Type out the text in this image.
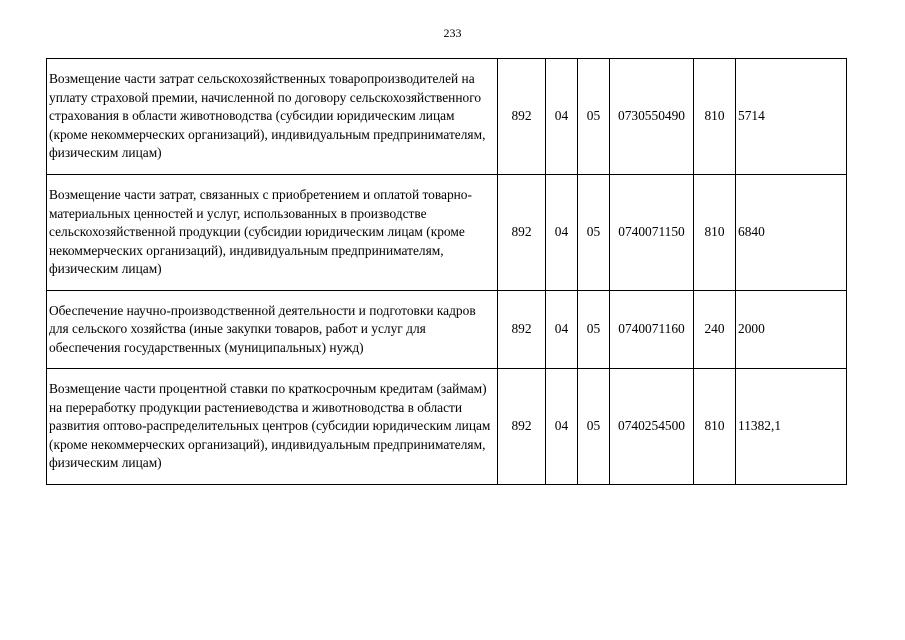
233
Возмещение части затрат сельскохозяйственных товаропроизводителей на уплату страховой премии, начисленной по договору сельскохозяйственного страхования в области животноводства (субсидии юридическим лицам (кроме некоммерческих организаций), индивидуальным предпринимателям, физическим лицам)	892	04	05	0730550490	810	5714
Возмещение части затрат, связанных с приобретением и оплатой товарно-материальных ценностей и услуг, использованных в производстве сельскохозяйственной продукции (субсидии юридическим лицам (кроме некоммерческих организаций), индивидуальным предпринимателям, физическим лицам)	892	04	05	0740071150	810	6840
Обеспечение научно-производственной деятельности и подготовки кадров для сельского хозяйства (иные закупки товаров, работ и услуг для обеспечения государственных (муниципальных) нужд)	892	04	05	0740071160	240	2000
Возмещение части процентной ставки по краткосрочным кредитам (займам) на переработку продукции растениеводства и животноводства в области развития оптово-распределительных центров (субсидии юридическим лицам (кроме некоммерческих организаций), индивидуальным предпринимателям, физическим лицам)	892	04	05	0740254500	810	11382,1
